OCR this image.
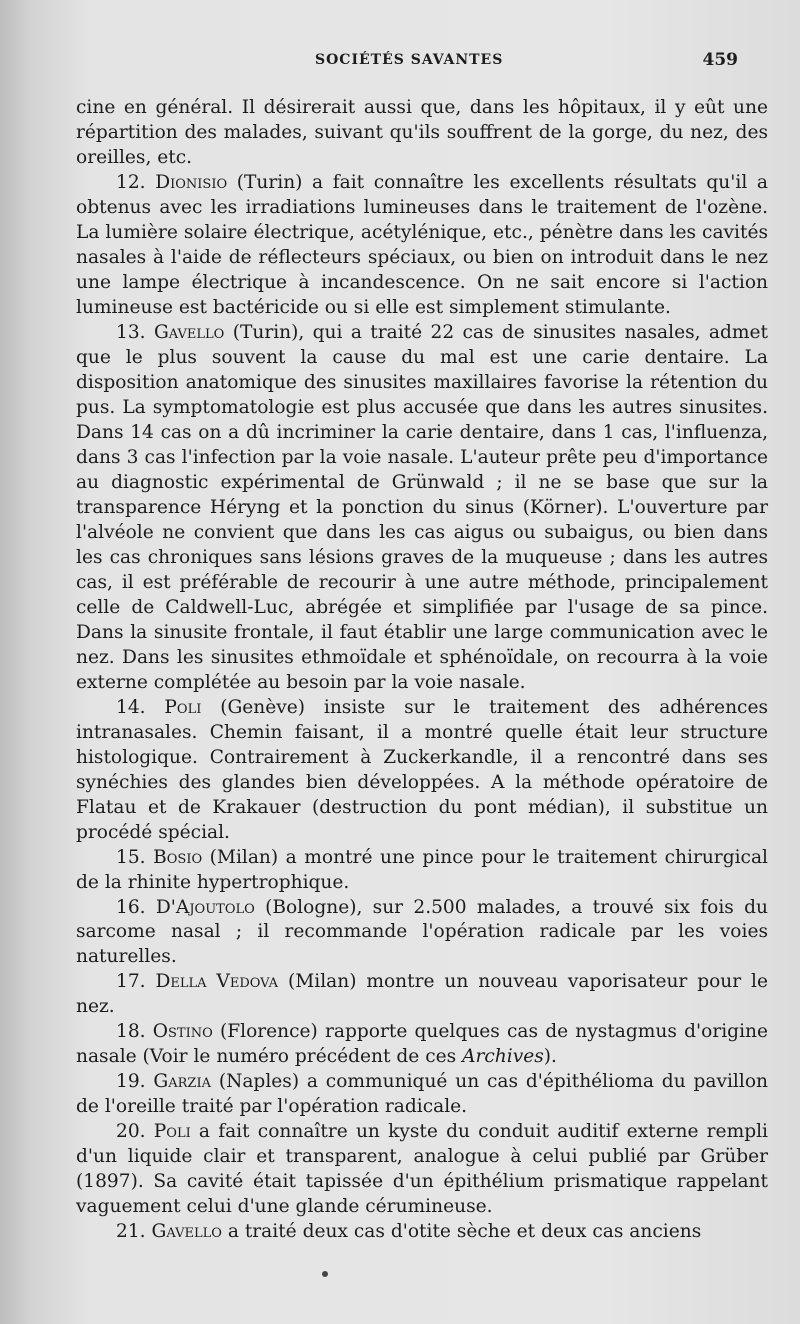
SOCIÉTÉS SAVANTES	459

cine en général. Il désirerait aussi que, dans les hôpitaux, il y eût une répartition des malades, suivant qu'ils souffrent de la gorge, du nez, des oreilles, etc.

12. Dionisio (Turin) a fait connaître les excellents résultats qu'il a obtenus avec les irradiations lumineuses dans le traitement de l'ozène. La lumière solaire électrique, acétylénique, etc., pénètre dans les cavités nasales à l'aide de réflecteurs spéciaux, ou bien on introduit dans le nez une lampe électrique à incandescence. On ne sait encore si l'action lumineuse est bactéricide ou si elle est simplement stimulante.

13. Gavello (Turin), qui a traité 22 cas de sinusites nasales, admet que le plus souvent la cause du mal est une carie dentaire. La disposition anatomique des sinusites maxillaires favorise la rétention du pus. La symptomatologie est plus accusée que dans les autres sinusites. Dans 14 cas on a dû incriminer la carie dentaire, dans 1 cas, l'influenza, dans 3 cas l'infection par la voie nasale. L'auteur prête peu d'importance au diagnostic expérimental de Grünwald ; il ne se base que sur la transparence Héryng et la ponction du sinus (Körner). L'ouverture par l'alvéole ne convient que dans les cas aigus ou subaigus, ou bien dans les cas chroniques sans lésions graves de la muqueuse ; dans les autres cas, il est préférable de recourir à une autre méthode, principalement celle de Caldwell-Luc, abrégée et simplifiée par l'usage de sa pince. Dans la sinusite frontale, il faut établir une large communication avec le nez. Dans les sinusites ethmoïdale et sphénoïdale, on recourra à la voie externe complétée au besoin par la voie nasale.

14. Poli (Genève) insiste sur le traitement des adhérences intranasales. Chemin faisant, il a montré quelle était leur structure histologique. Contrairement à Zuckerkandle, il a rencontré dans ses synéchies des glandes bien développées. A la méthode opératoire de Flatau et de Krakauer (destruction du pont médian), il substitue un procédé spécial.

15. Bosio (Milan) a montré une pince pour le traitement chirurgical de la rhinite hypertrophique.

16. D'Ajoutolo (Bologne), sur 2.500 malades, a trouvé six fois du sarcome nasal ; il recommande l'opération radicale par les voies naturelles.

17. Della Vedova (Milan) montre un nouveau vaporisateur pour le nez.

18. Ostino (Florence) rapporte quelques cas de nystagmus d'origine nasale (Voir le numéro précédent de ces Archives).

19. Garzia (Naples) a communiqué un cas d'épithélioma du pavillon de l'oreille traité par l'opération radicale.

20. Poli a fait connaître un kyste du conduit auditif externe rempli d'un liquide clair et transparent, analogue à celui publié par Grüber (1897). Sa cavité était tapissée d'un épithélium prismatique rappelant vaguement celui d'une glande cérumineuse.

21. Gavello a traité deux cas d'otite sèche et deux cas anciens
